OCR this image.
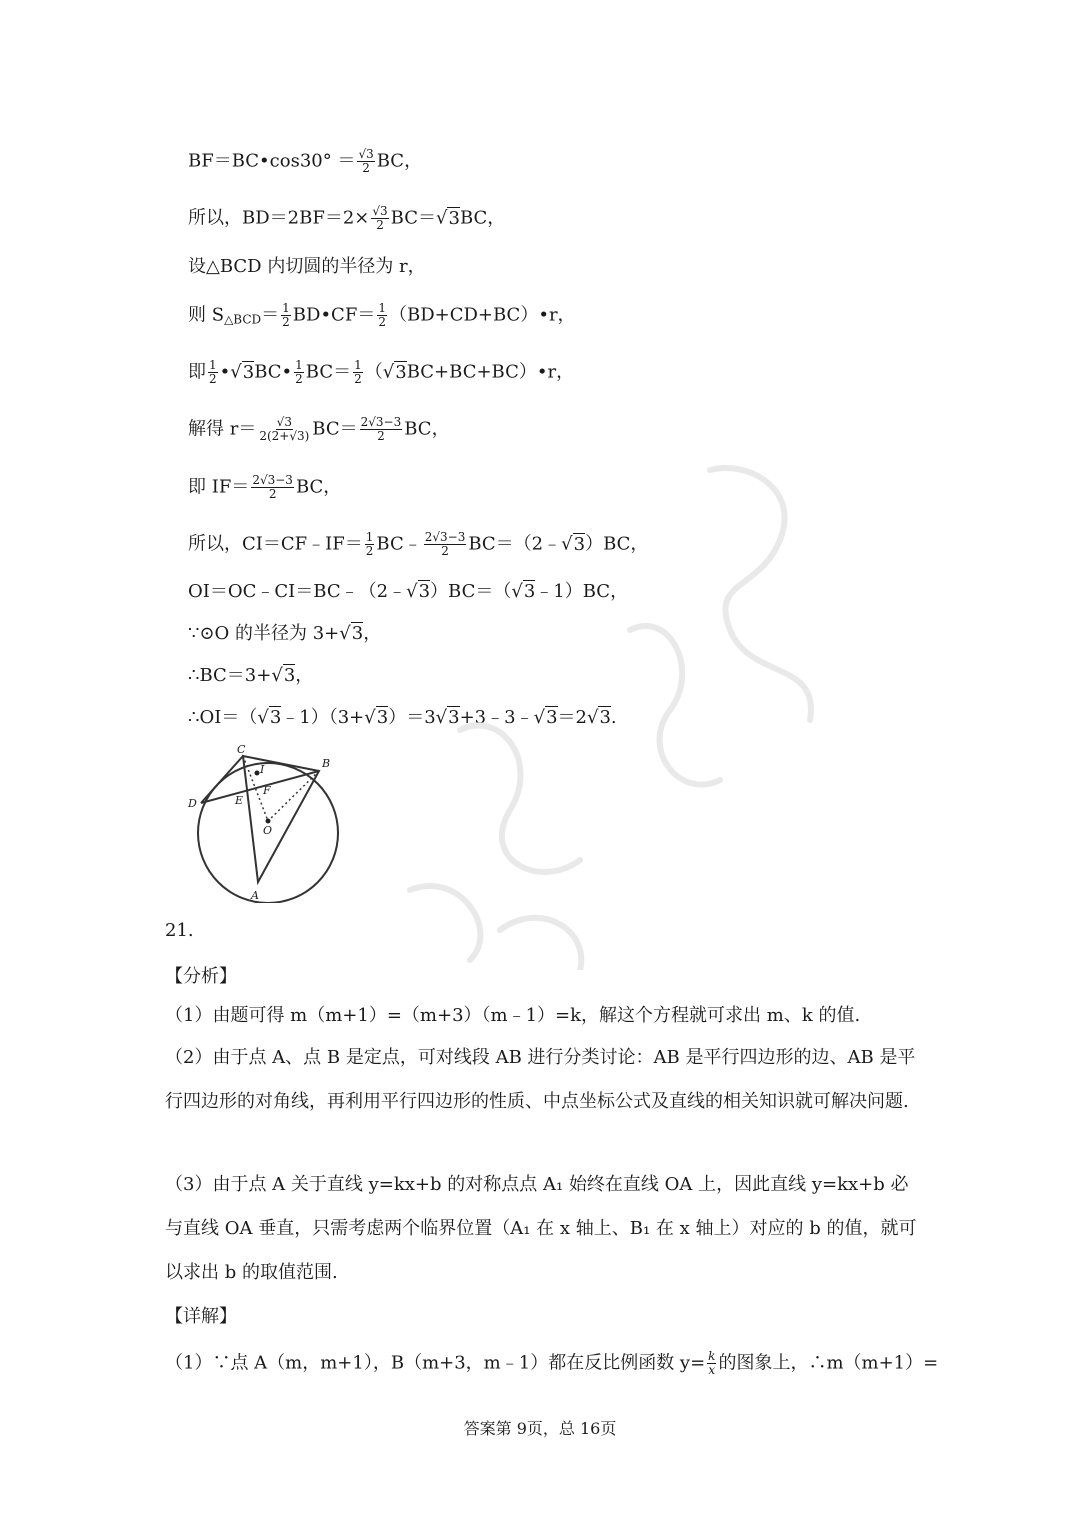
BF＝BC•cos30° ＝ $\frac{√3}{2}$ BC，
所以，$BD=2BF=2\times \frac{√3}{2} BC=√3BC$，
设△BCD 内切圆的半径为 r，
则 $S_{\triangle BCD}= \frac{1}{2}$ BD•CF＝ $\frac{1}{2}$ （BD+CD+BC）•r，
即 $\frac{1}{2}$ •√3BC• $\frac{1}{2} BC= \frac{1}{2}$ （√3BC+BC+BC）•r，
解得 $r= \frac{√3}{2(2+√3)} BC= \frac{2√3-3}{2}$ BC，
即 $IF= \frac{2√3-3}{2}$ BC，
所以，CI＝CF﹣IF＝ $\frac{1}{2}$ BC﹣ $\frac{2√3-3}{2}$ BC＝（2﹣√3）BC，
OI＝OC﹣CI＝BC﹣（2﹣√3）BC＝（√3﹣1）BC，
∵⊙O 的半径为 3+√3，
∴BC＝3+√3，
∴OI＝（√3﹣1）（3+√3）＝3√3+3﹣3﹣√3＝2√3.
C
B
D	E
I
F
O
A
21.
【分析】
（1）由题可得 m（m+1）=（m+3）（m﹣1）=k，解这个方程就可求出 m、k 的值.
（2）由于点 A、点 B 是定点，可对线段 AB 进行分类讨论：AB 是平行四边形的边、AB 是平行四边形的对角线，再利用平行四边形的性质、中点坐标公式及直线的相关知识就可解决问题.
（3）由于点 A 关于直线 y=kx+b 的对称点点 A₁ 始终在直线 OA 上，因此直线 y=kx+b 必与直线 OA 垂直，只需考虑两个临界位置（A₁ 在 x 轴上、B₁ 在 x 轴上）对应的 b 的值，就可以求出 b 的取值范围.
【详解】
（1）∵点 A（m，m+1），B（m+3，m﹣1）都在反比例函数 $y= \frac{k}{x}$ 的图象上，∴m（m+1）=
答案第 9页，总 16页
